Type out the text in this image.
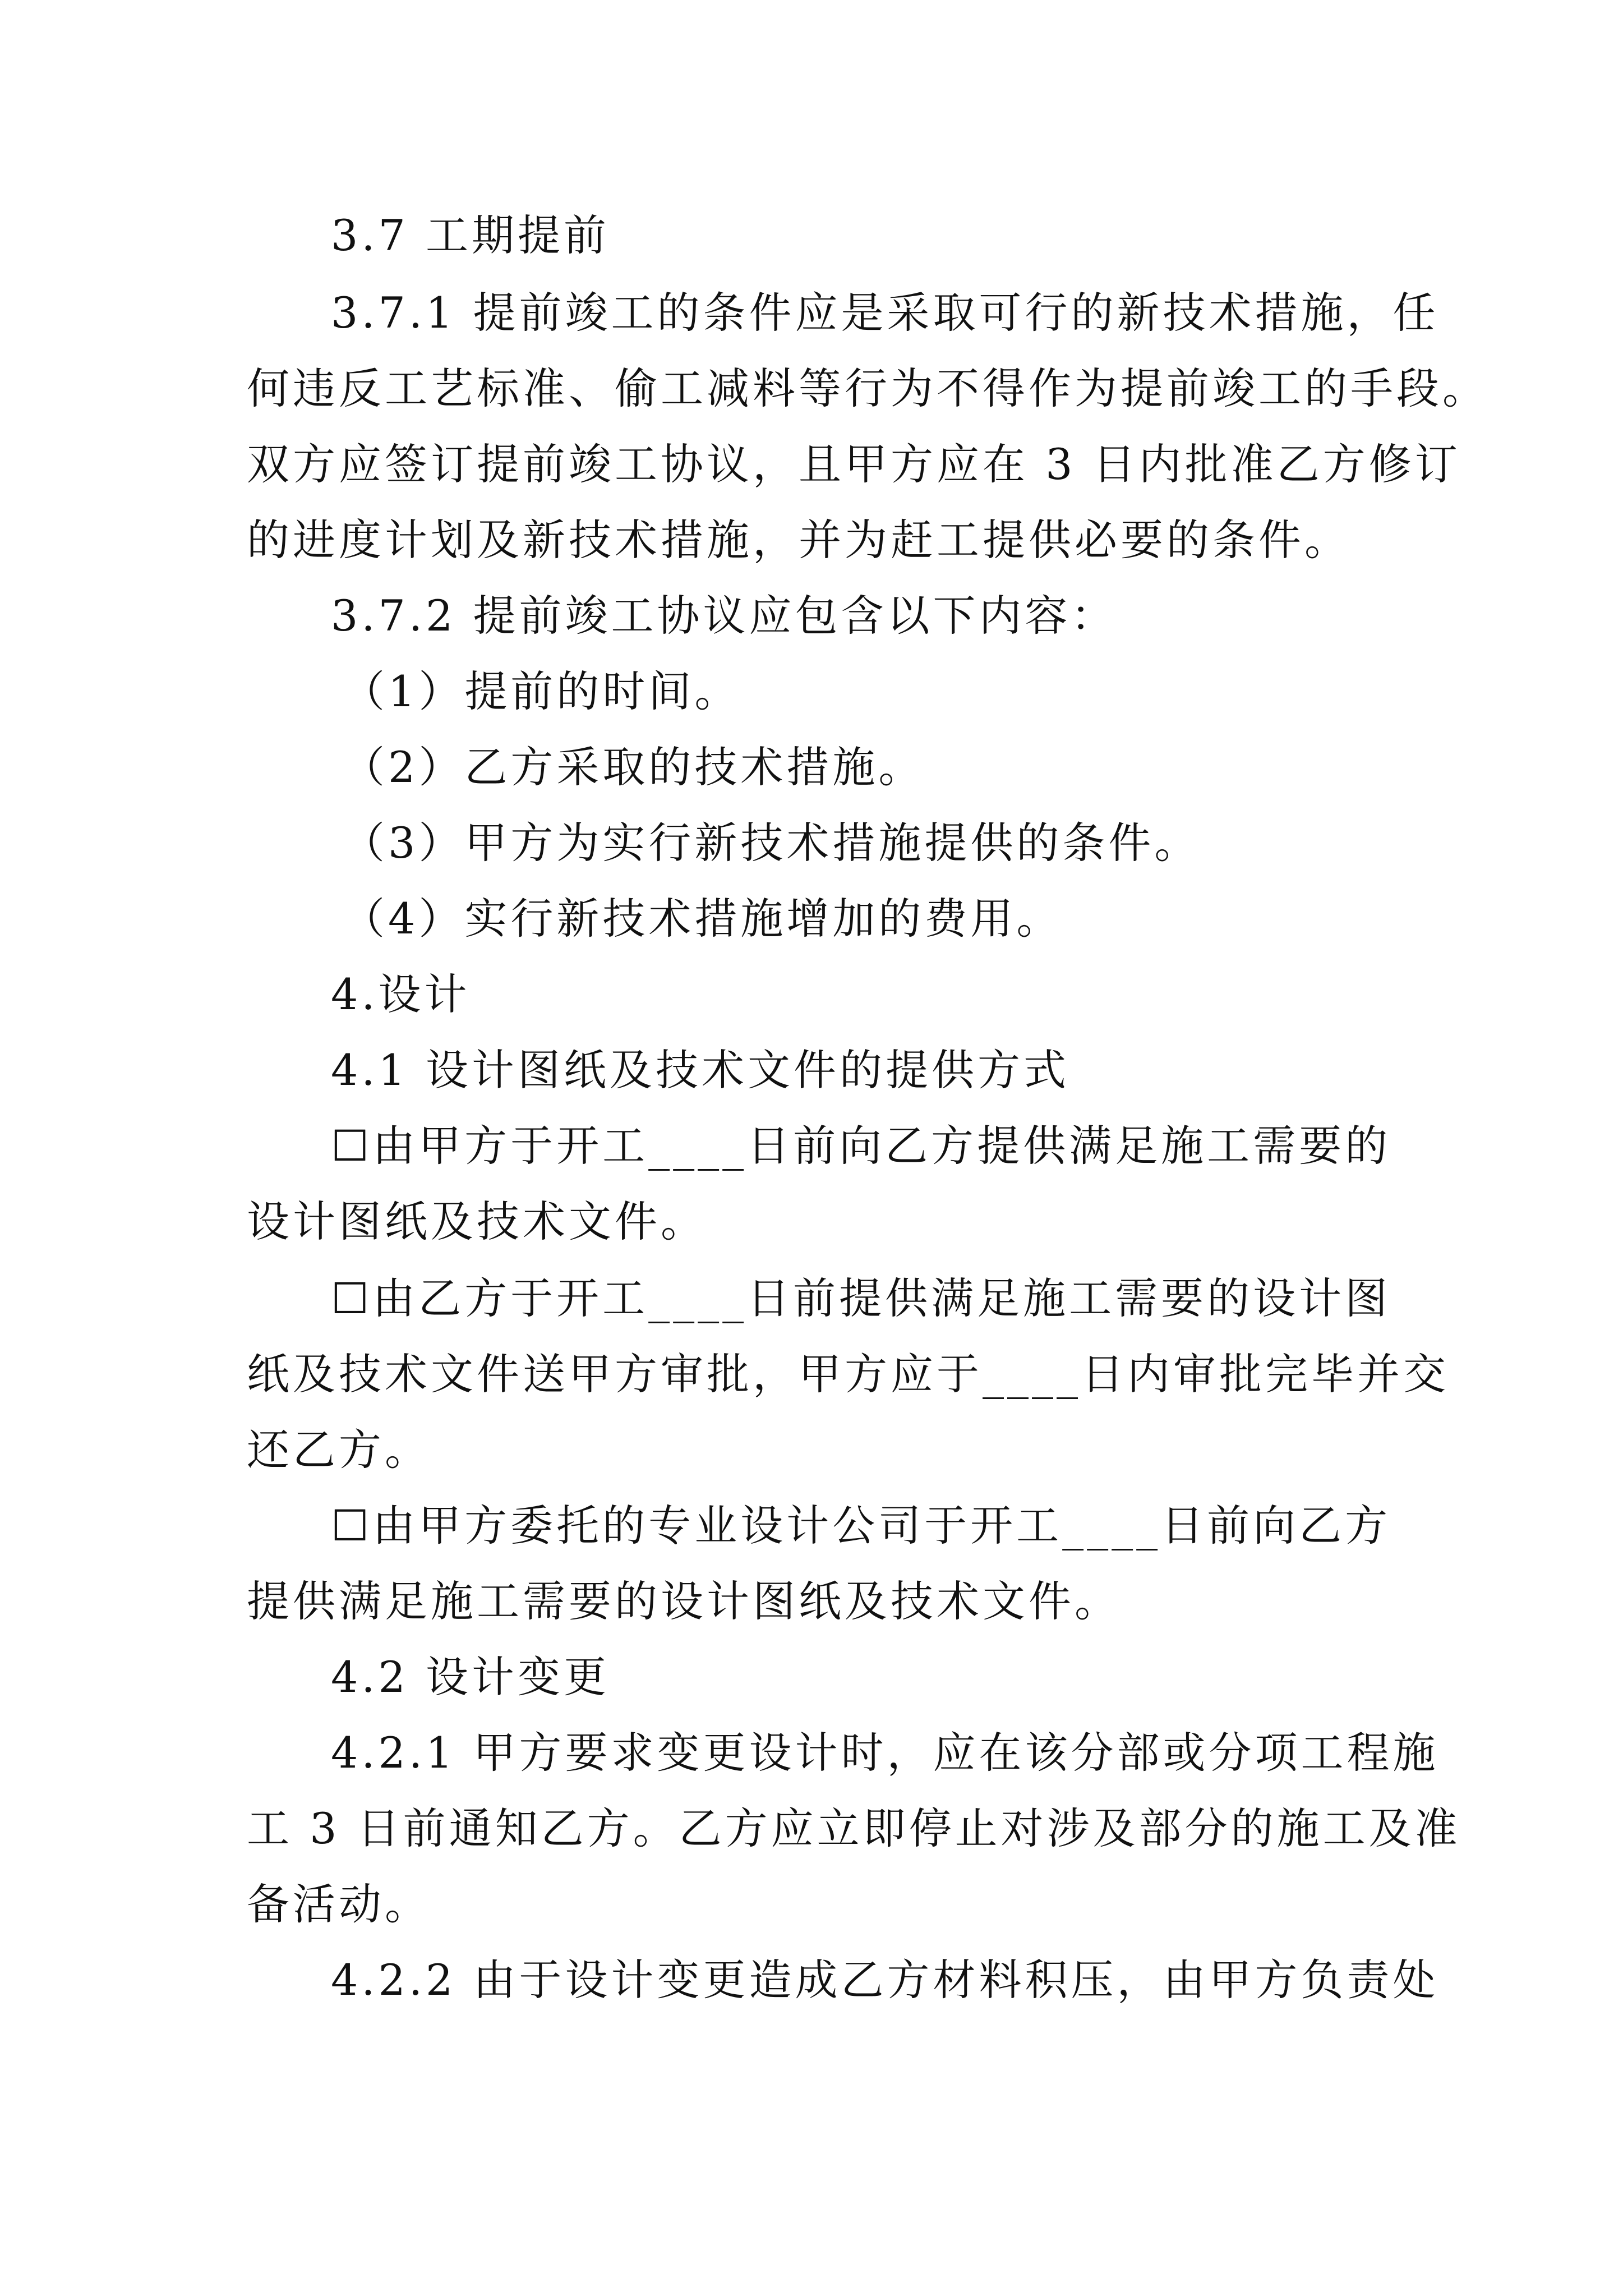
3.7 工期提前
3.7.1 提前竣工的条件应是采取可行的新技术措施，任
何违反工艺标准、偷工减料等行为不得作为提前竣工的手段。
双方应签订提前竣工协议，且甲方应在 3 日内批准乙方修订
的进度计划及新技术措施，并为赶工提供必要的条件。
3.7.2 提前竣工协议应包含以下内容：
（1）提前的时间。
（2）乙方采取的技术措施。
（3）甲方为实行新技术措施提供的条件。
（4）实行新技术措施增加的费用。
4.设计
4.1 设计图纸及技术文件的提供方式
☐由甲方于开工____日前向乙方提供满足施工需要的
设计图纸及技术文件。
☐由乙方于开工____日前提供满足施工需要的设计图
纸及技术文件送甲方审批，甲方应于____日内审批完毕并交
还乙方。
☐由甲方委托的专业设计公司于开工____日前向乙方
提供满足施工需要的设计图纸及技术文件。
4.2 设计变更
4.2.1 甲方要求变更设计时，应在该分部或分项工程施
工 3 日前通知乙方。乙方应立即停止对涉及部分的施工及准
备活动。
4.2.2 由于设计变更造成乙方材料积压，由甲方负责处
